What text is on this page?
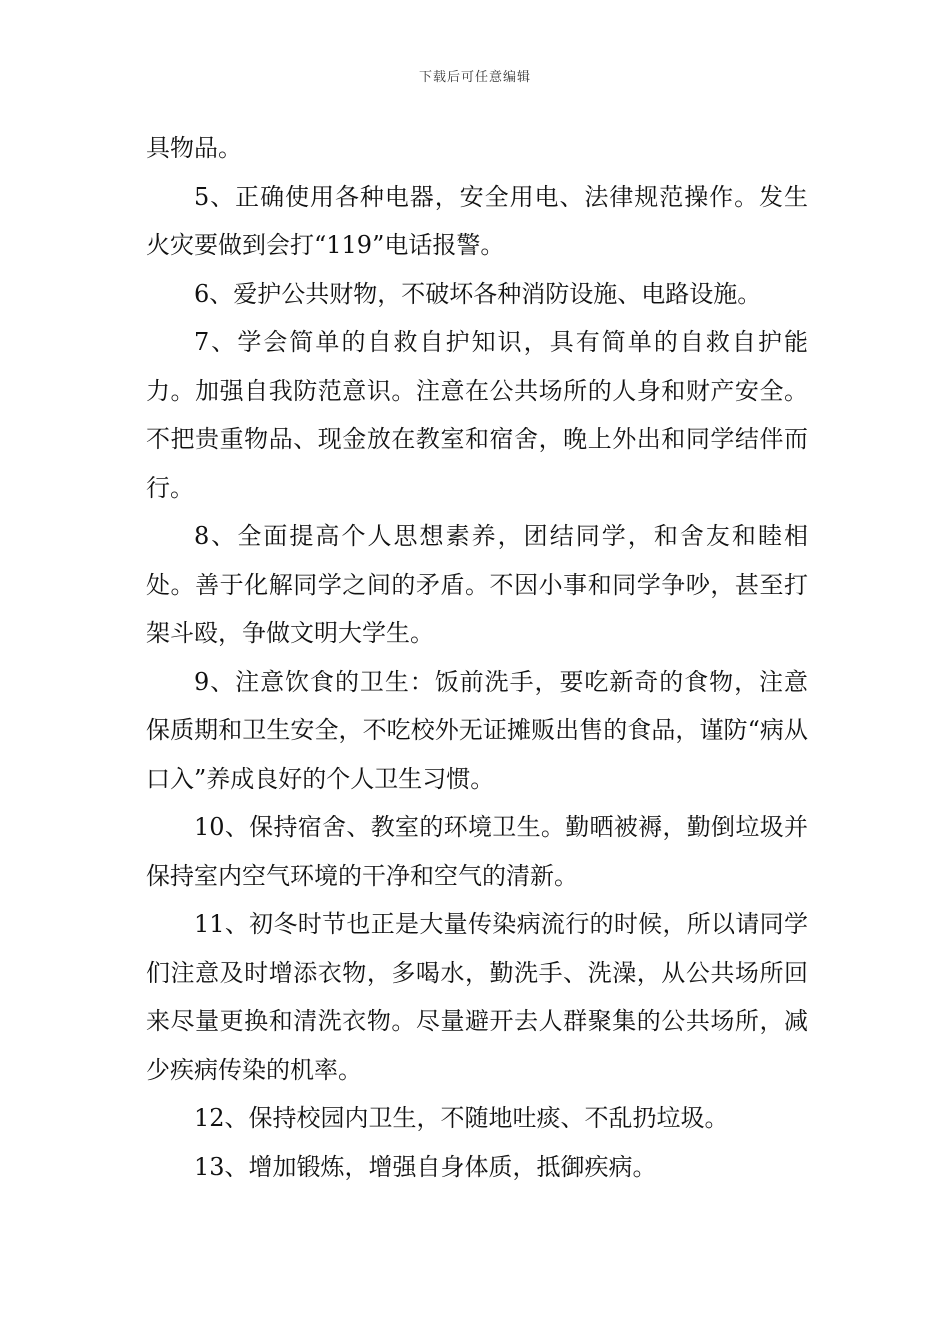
下载后可任意编辑

具物品。

5、正确使用各种电器，安全用电、法律规范操作。发生火灾要做到会打“119”电话报警。

6、爱护公共财物，不破坏各种消防设施、电路设施。

7、学会简单的自救自护知识，具有简单的自救自护能力。加强自我防范意识。注意在公共场所的人身和财产安全。不把贵重物品、现金放在教室和宿舍，晚上外出和同学结伴而行。

8、全面提高个人思想素养，团结同学，和舍友和睦相处。善于化解同学之间的矛盾。不因小事和同学争吵，甚至打架斗殴，争做文明大学生。

9、注意饮食的卫生：饭前洗手，要吃新奇的食物，注意保质期和卫生安全，不吃校外无证摊贩出售的食品，谨防“病从口入”养成良好的个人卫生习惯。

10、保持宿舍、教室的环境卫生。勤晒被褥，勤倒垃圾并保持室内空气环境的干净和空气的清新。

11、初冬时节也正是大量传染病流行的时候，所以请同学们注意及时增添衣物，多喝水，勤洗手、洗澡，从公共场所回来尽量更换和清洗衣物。尽量避开去人群聚集的公共场所，减少疾病传染的机率。

12、保持校园内卫生，不随地吐痰、不乱扔垃圾。

13、增加锻炼，增强自身体质，抵御疾病。
